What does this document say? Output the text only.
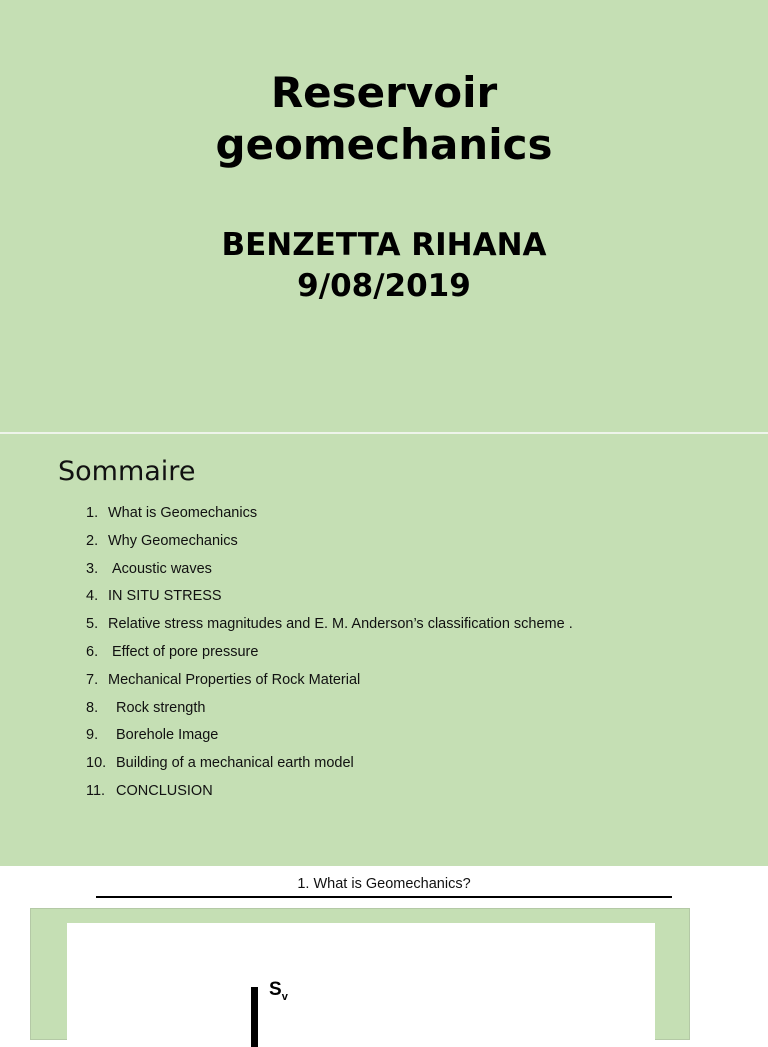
Reservoir
geomechanics
BENZETTA RIHANA
9/08/2019
Sommaire
1. What is Geomechanics
2. Why Geomechanics
3. Acoustic waves
4. IN SITU STRESS
5. Relative stress magnitudes and E. M. Anderson’s classification scheme .
6. Effect of pore pressure
7. Mechanical Properties of Rock Material
8. Rock strength
9. Borehole Image
10. Building of a mechanical earth model
11. CONCLUSION
1. What is Geomechanics?
$S_v$
